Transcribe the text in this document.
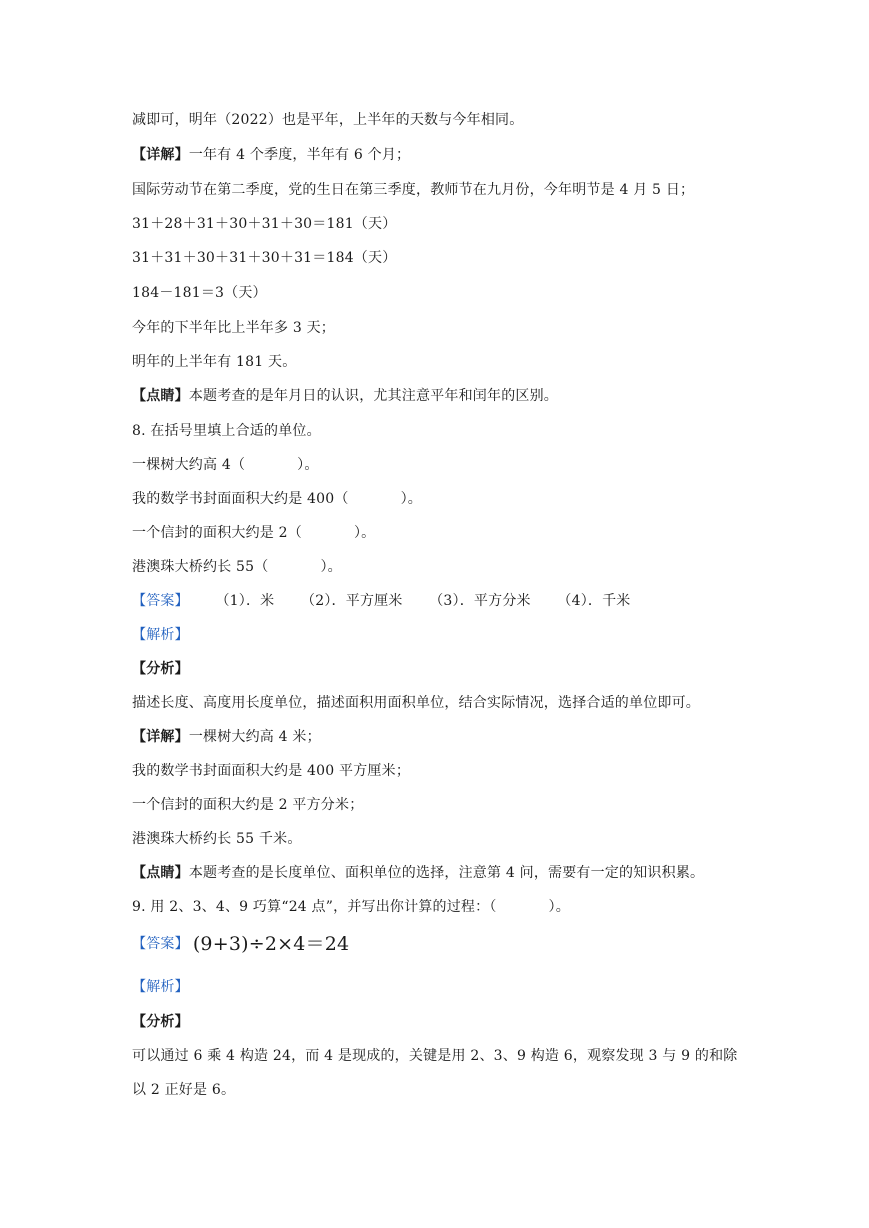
减即可，明年（2022）也是平年，上半年的天数与今年相同。
【详解】一年有 4 个季度，半年有 6 个月；
国际劳动节在第二季度，党的生日在第三季度，教师节在九月份，今年明节是 4 月 5 日；
31＋28＋31＋30＋31＋30＝181（天）
31＋31＋30＋31＋30＋31＝184（天）
184－181＝3（天）
今年的下半年比上半年多 3 天；
明年的上半年有 181 天。
【点睛】本题考查的是年月日的认识，尤其注意平年和闰年的区别。
8. 在括号里填上合适的单位。
一棵树大约高 4（	）。
我的数学书封面面积大约是 400（	）。
一个信封的面积大约是 2（	）。
港澳珠大桥约长 55（	）。
【答案】 （1）．米 （2）．平方厘米 （3）．平方分米 （4）．千米
【解析】
【分析】
描述长度、高度用长度单位，描述面积用面积单位，结合实际情况，选择合适的单位即可。
【详解】一棵树大约高 4 米；
我的数学书封面面积大约是 400 平方厘米；
一个信封的面积大约是 2 平方分米；
港澳珠大桥约长 55 千米。
【点睛】本题考查的是长度单位、面积单位的选择，注意第 4 问，需要有一定的知识积累。
9. 用 2、3、4、9 巧算“24 点”，并写出你计算的过程：（	）。
【答案】 (9+3)÷2×4＝24
【解析】
【分析】
可以通过 6 乘 4 构造 24，而 4 是现成的，关键是用 2、3、9 构造 6，观察发现 3 与 9 的和除
以 2 正好是 6。
